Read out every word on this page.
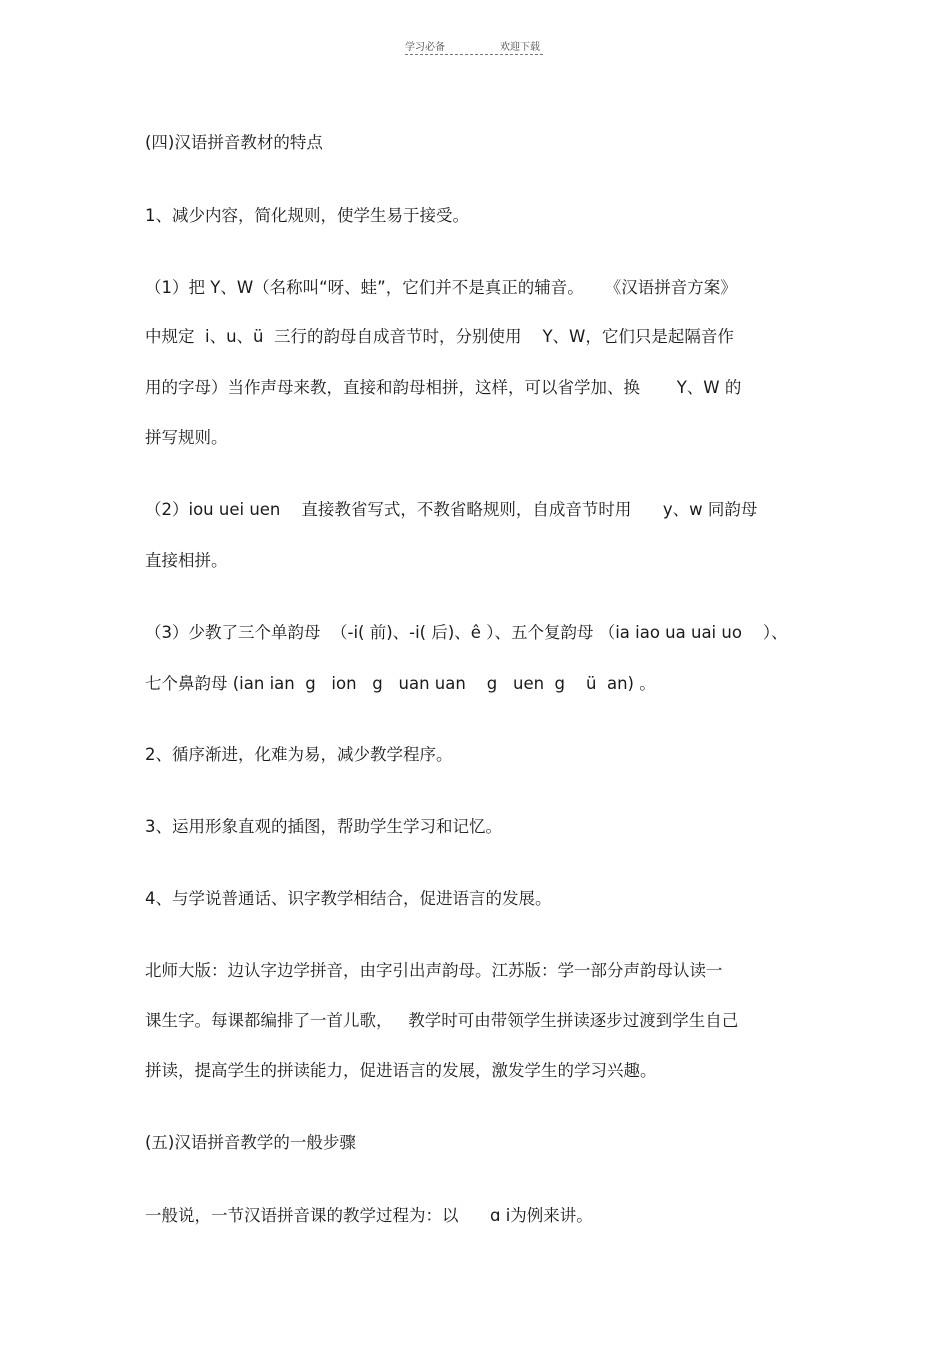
学习必备	欢迎下载
(四)汉语拼音教材的特点
1、减少内容，简化规则，使学生易于接受。
（1）把 Y、W（名称叫“呀、蛙”，它们并不是真正的辅音。    《汉语拼音方案》
中规定  i、u、ü  三行的韵母自成音节时，分别使用    Y、W，它们只是起隔音作
用的字母）当作声母来教，直接和韵母相拼，这样，可以省学加、换       Y、W 的
拼写规则。
（2）iou uei uen    直接教省写式，不教省略规则，自成音节时用      y、w 同韵母
直接相拼。
（3）少教了三个单韵母  （-i( 前)、-i( 后)、ê ）、五个复韵母 （ia iao ua uai uo    ）、
七个鼻韵母 (ian ian  g   ion   g   uan uan    g   uen  g    ü  an) 。
2、循序渐进，化难为易，减少教学程序。
3、运用形象直观的插图，帮助学生学习和记忆。
4、与学说普通话、识字教学相结合，促进语言的发展。
北师大版：边认字边学拼音，由字引出声韵母。江苏版：学一部分声韵母认读一
课生字。每课都编排了一首儿歌，   教学时可由带领学生拼读逐步过渡到学生自己
拼读，提高学生的拼读能力，促进语言的发展，激发学生的学习兴趣。
(五)汉语拼音教学的一般步骤
一般说，一节汉语拼音课的教学过程为：以      ɑ i为例来讲。
